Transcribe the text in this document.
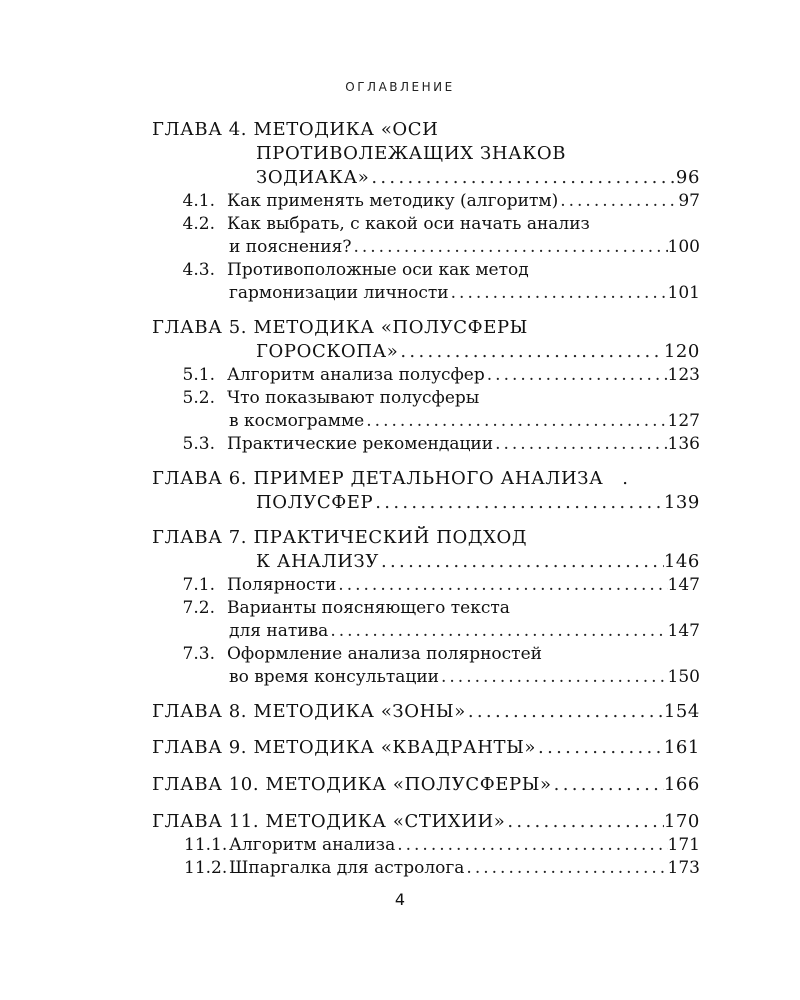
ОГЛАВЛЕНИЕ
ГЛАВА 4.
МЕТОДИКА «ОСИ
ПРОТИВОЛЕЖАЩИХ ЗНАКОВ
ЗОДИАКА» . . .	96
4.1. Как применять методику (алгоритм) . . .	97
4.2. Как выбрать, с какой оси начать анализ
и пояснения? . . .	100
4.3. Противоположные оси как метод
гармонизации личности . . .	101
ГЛАВА 5.
МЕТОДИКА «ПОЛУСФЕРЫ
ГОРОСКОПА» . . .	120
5.1. Алгоритм анализа полусфер . . .	123
5.2. Что показывают полусферы
в космограмме . . .	127
5.3. Практические рекомендации . . .	136
ГЛАВА 6.
ПРИМЕР ДЕТАЛЬНОГО АНАЛИЗА
.
ПОЛУСФЕР . . .	139
ГЛАВА 7.
ПРАКТИЧЕСКИЙ ПОДХОД
К АНАЛИЗУ . . .	146
7.1. Полярности . . .	147
7.2. Варианты поясняющего текста
для натива . . .	147
7.3. Оформление анализа полярностей
во время консультации . . .	150
ГЛАВА 8.
МЕТОДИКА «ЗОНЫ» . . .	154
ГЛАВА 9.
МЕТОДИКА «КВАДРАНТЫ» . . .	161
ГЛАВА 10.
МЕТОДИКА «ПОЛУСФЕРЫ» . . .	166
ГЛАВА 11.
МЕТОДИКА «СТИХИИ» . . .	170
11.1. Алгоритм анализа . . .	171
11.2. Шпаргалка для астролога . . .	173
4
